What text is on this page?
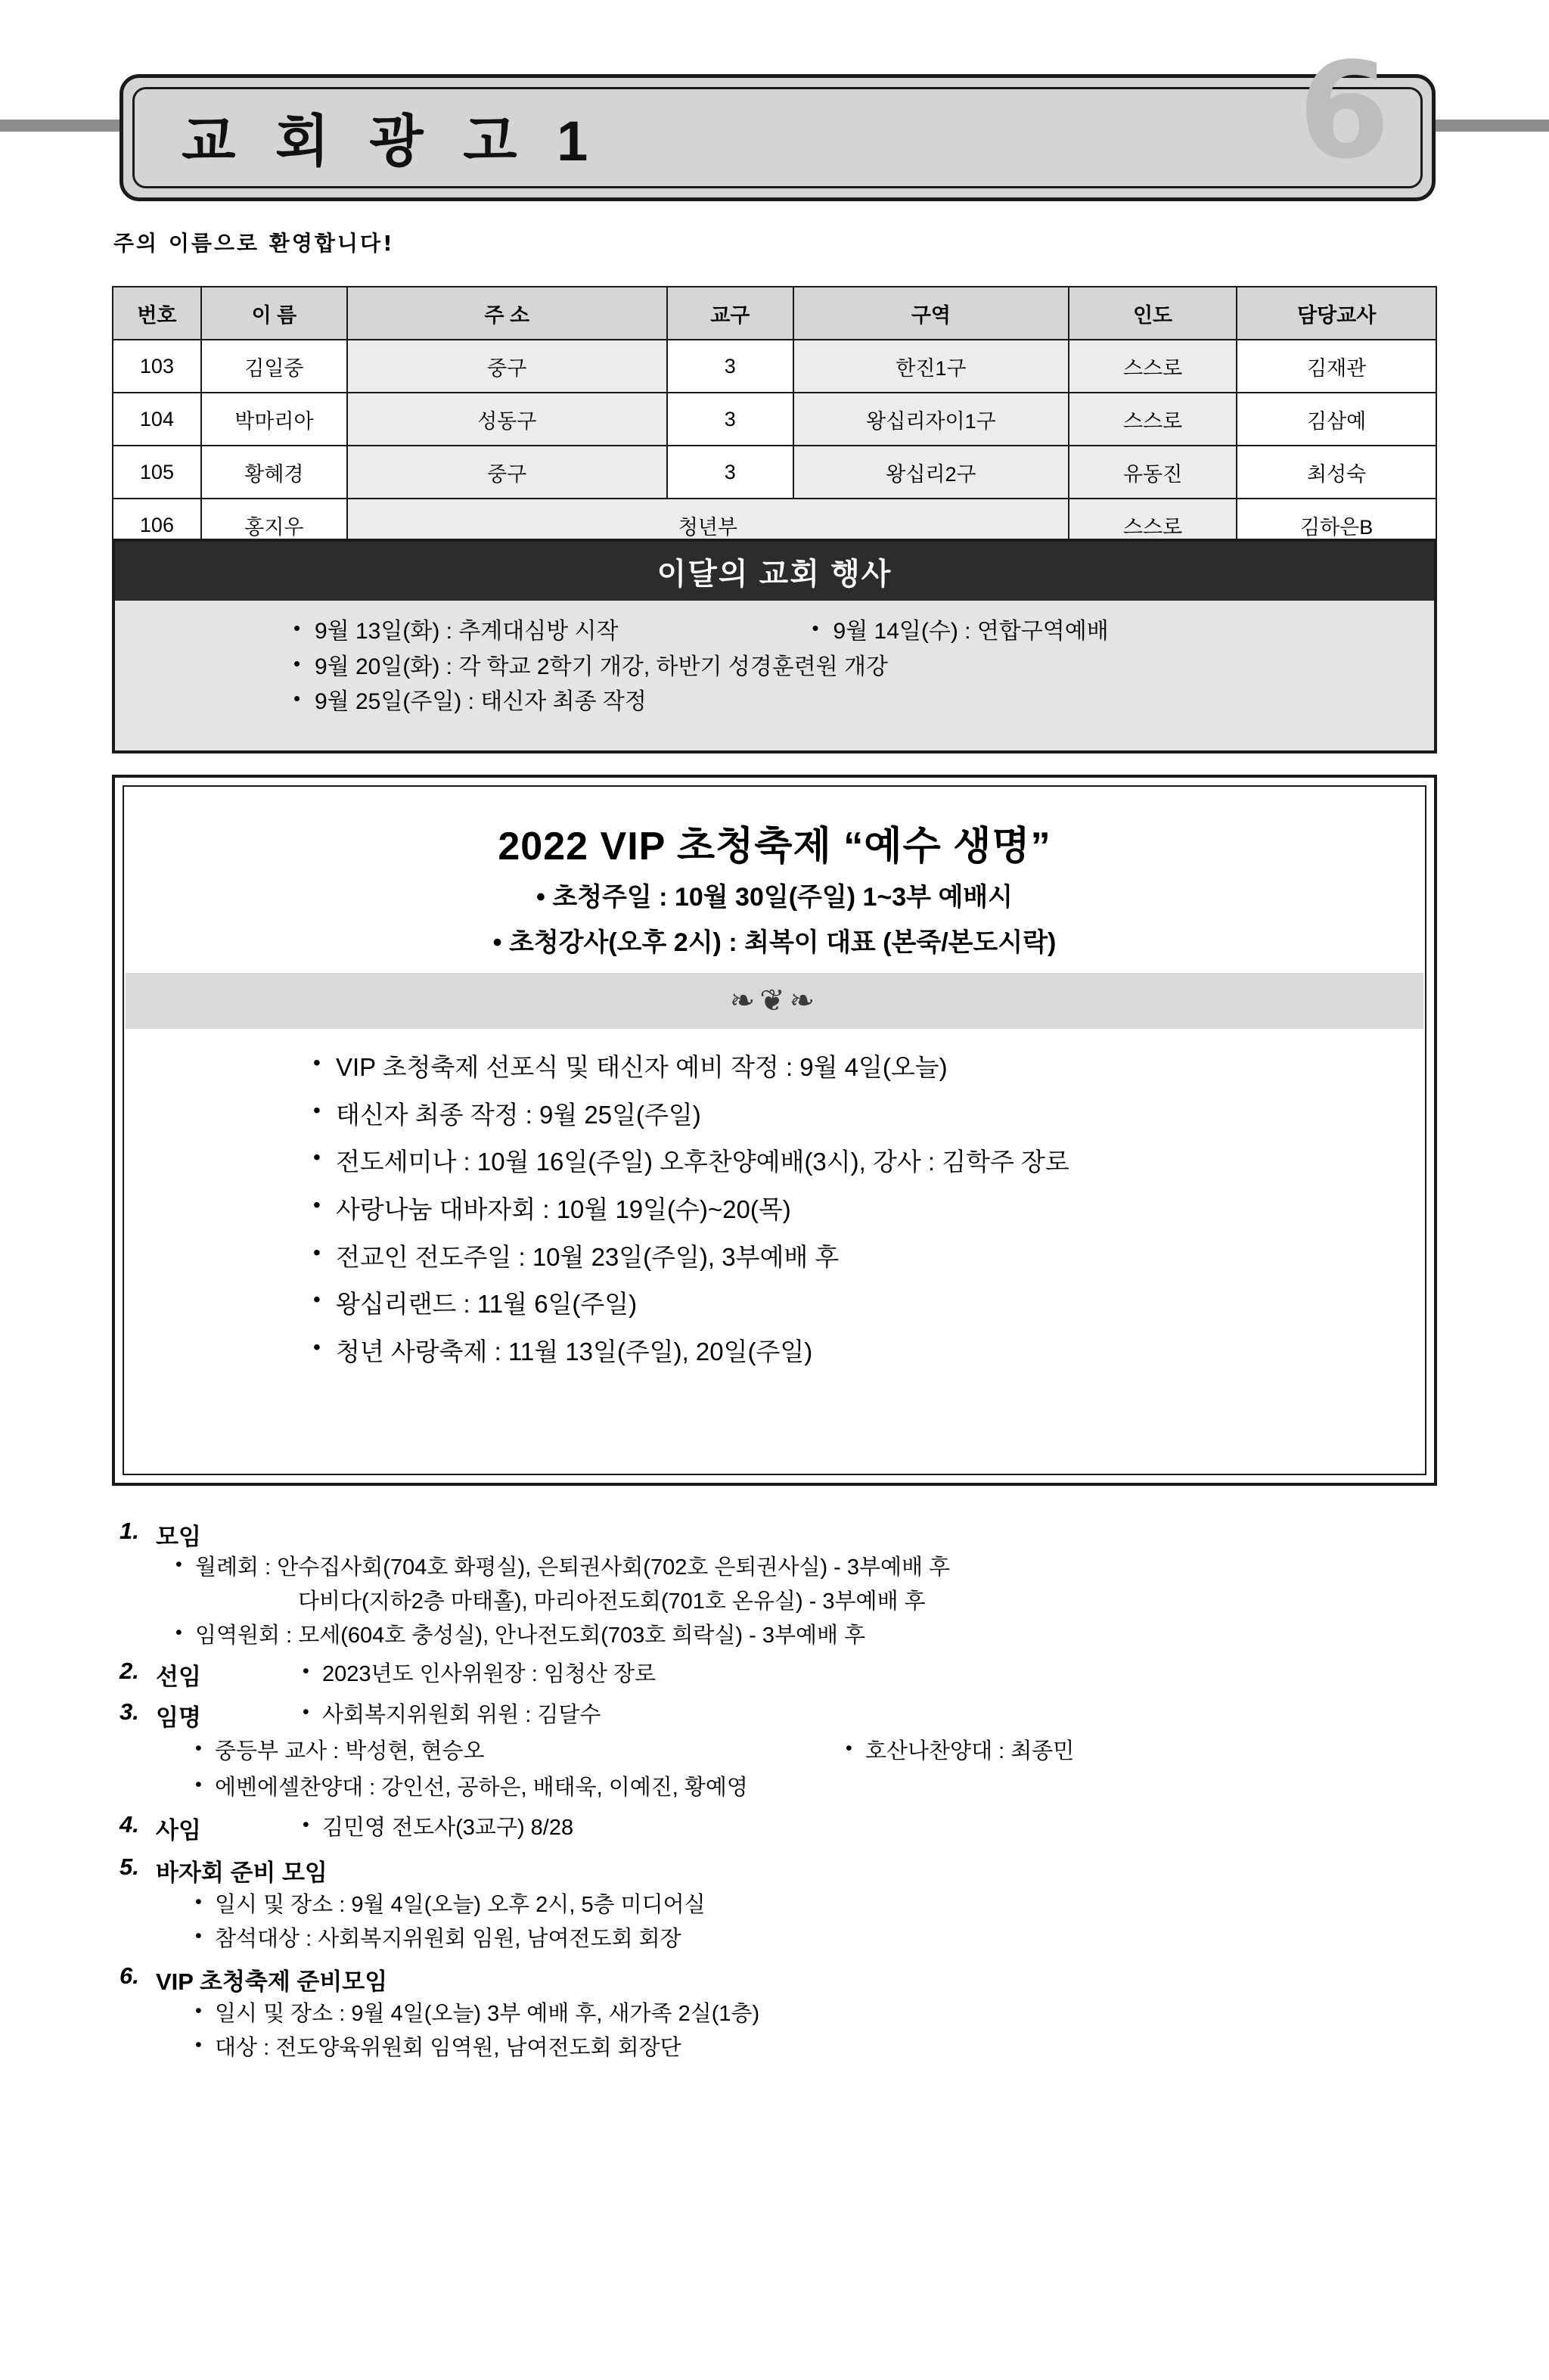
교 회 광 고 1	6
주의 이름으로 환영합니다!
번호	이 름	주 소	교구	구역	인도	담당교사
103	김일중	중구	3	한진1구	스스로	김재관
104	박마리아	성동구	3	왕십리자이1구	스스로	김삼예
105	황혜경	중구	3	왕십리2구	유동진	최성숙
106	홍지우	청년부			스스로	김하은B
이달의 교회 행사
• 9월 13일(화) : 추계대심방 시작	• 9월 14일(수) : 연합구역예배
• 9월 20일(화) : 각 학교 2학기 개강, 하반기 성경훈련원 개강
• 9월 25일(주일) : 태신자 최종 작정
2022 VIP 초청축제 “예수 생명”
• 초청주일 : 10월 30일(주일) 1~3부 예배시
• 초청강사(오후 2시) : 최복이 대표 (본죽/본도시락)
❧❦❧
• VIP 초청축제 선포식 및 태신자 예비 작정 : 9월 4일(오늘)
• 태신자 최종 작정 : 9월 25일(주일)
• 전도세미나 : 10월 16일(주일) 오후찬양예배(3시), 강사 : 김학주 장로
• 사랑나눔 대바자회 : 10월 19일(수)~20(목)
• 전교인 전도주일 : 10월 23일(주일), 3부예배 후
• 왕십리랜드 : 11월 6일(주일)
• 청년 사랑축제 : 11월 13일(주일), 20일(주일)
1. 모임
• 월례회 : 안수집사회(704호 화평실), 은퇴권사회(702호 은퇴권사실) - 3부예배 후
다비다(지하2층 마태홀), 마리아전도회(701호 온유실) - 3부예배 후
• 임역원회 : 모세(604호 충성실), 안나전도회(703호 희락실) - 3부예배 후
2. 선임	• 2023년도 인사위원장 : 임청산 장로
3. 임명	• 사회복지위원회 위원 : 김달수
• 중등부 교사 : 박성현, 현승오	• 호산나찬양대 : 최종민
• 에벤에셀찬양대 : 강인선, 공하은, 배태욱, 이예진, 황예영
4. 사임	• 김민영 전도사(3교구) 8/28
5. 바자회 준비 모임
• 일시 및 장소 : 9월 4일(오늘) 오후 2시, 5층 미디어실
• 참석대상 : 사회복지위원회 임원, 남여전도회 회장
6. VIP 초청축제 준비모임
• 일시 및 장소 : 9월 4일(오늘) 3부 예배 후, 새가족 2실(1층)
• 대상 : 전도양육위원회 임역원, 남여전도회 회장단
